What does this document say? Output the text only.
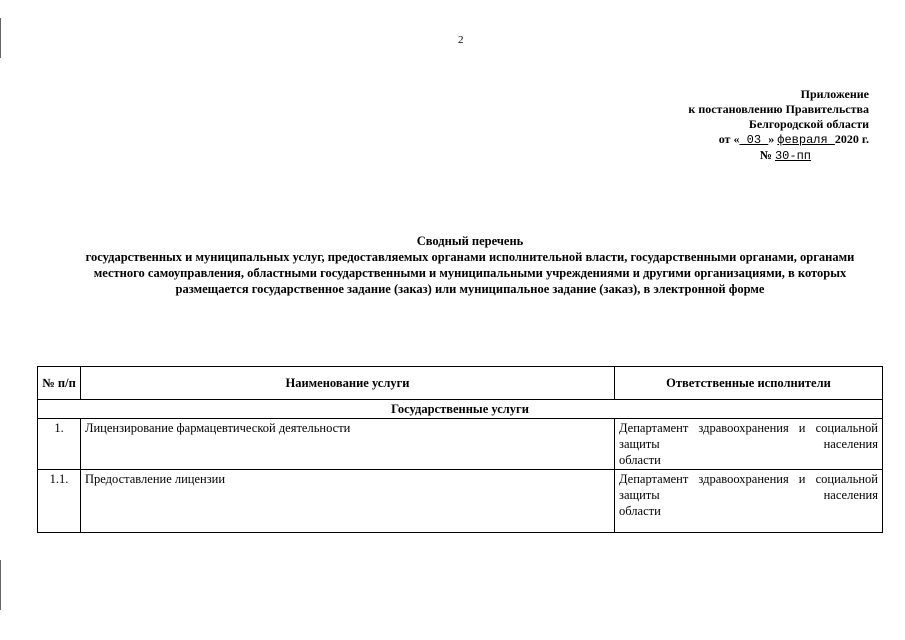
2
Приложение
к постановлению Правительства
Белгородской области
от « 03 » февраля 2020 г.
№ 30-пп
Сводный перечень
государственных и муниципальных услуг, предоставляемых органами исполнительной власти, государственными органами, органами местного самоуправления, областными государственными и муниципальными учреждениями и другими организациями, в которых размещается государственное задание (заказ) или муниципальное задание (заказ), в электронной форме
№ п/п	Наименование услуги	Ответственные исполнители
Государственные услуги		
1.	Лицензирование фармацевтической деятельности	Департамент здравоохранения и социальной защиты населения
области

1.1.	Предоставление лицензии	Департамент здравоохранения и социальной защиты населения
области
